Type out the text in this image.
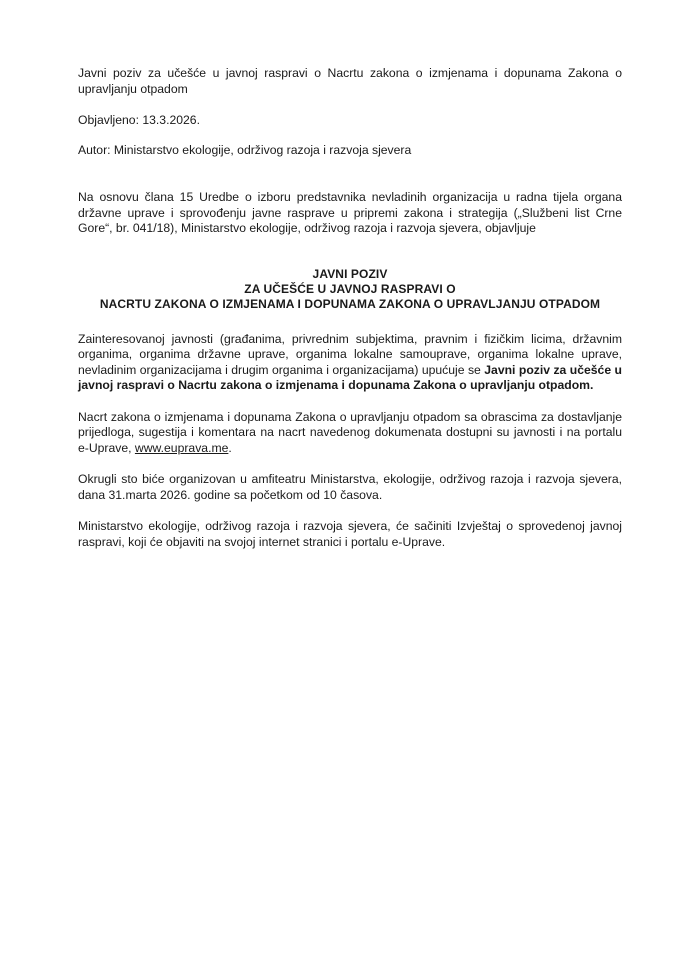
Javni poziv za učešće u javnoj raspravi o Nacrtu zakona o izmjenama i dopunama Zakona o upravljanju otpadom

Objavljeno: 13.3.2026.

Autor: Ministarstvo ekologije, održivog razoja i razvoja sjevera

Na osnovu člana 15 Uredbe o izboru predstavnika nevladinih organizacija u radna tijela organa državne uprave i sprovođenju javne rasprave u pripremi zakona i strategija („Službeni list Crne Gore“, br. 041/18), Ministarstvo ekologije, održivog razoja i razvoja sjevera, objavljuje

JAVNI POZIV
ZA UČEŠĆE U JAVNOJ RASPRAVI O
NACRTU ZAKONA O IZMJENAMA I DOPUNAMA ZAKONA O UPRAVLJANJU OTPADOM

Zainteresovanoj javnosti (građanima, privrednim subjektima, pravnim i fizičkim licima, državnim organima, organima državne uprave, organima lokalne samouprave, organima lokalne uprave, nevladinim organizacijama i drugim organima i organizacijama) upućuje se Javni poziv za učešće u javnoj raspravi o Nacrtu zakona o izmjenama i dopunama Zakona o upravljanju otpadom.

Nacrt zakona o izmjenama i dopunama Zakona o upravljanju otpadom sa obrascima za dostavljanje prijedloga, sugestija i komentara na nacrt navedenog dokumenata dostupni su javnosti i na portalu e-Uprave, www.euprava.me.

Okrugli sto biće organizovan u amfiteatru Ministarstva, ekologije, održivog razoja i razvoja sjevera, dana 31.marta 2026. godine sa početkom od 10 časova.

Ministarstvo ekologije, održivog razoja i razvoja sjevera, će sačiniti Izvještaj o sprovedenoj javnoj raspravi, koji će objaviti na svojoj internet stranici i portalu e-Uprave.
